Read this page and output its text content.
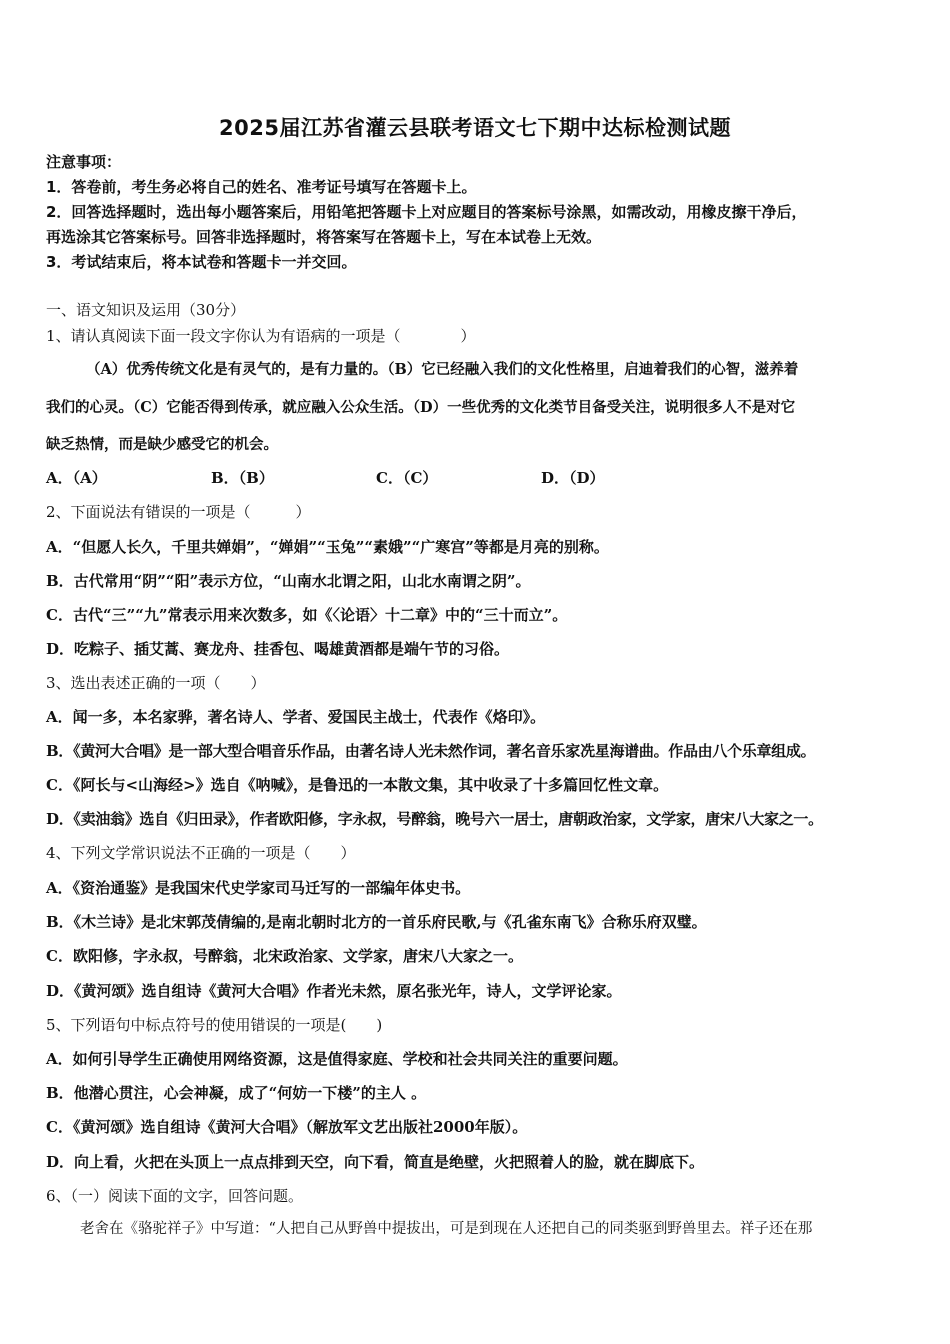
2025届江苏省灌云县联考语文七下期中达标检测试题
注意事项：
1．答卷前，考生务必将自己的姓名、准考证号填写在答题卡上。
2．回答选择题时，选出每小题答案后，用铅笔把答题卡上对应题目的答案标号涂黑，如需改动，用橡皮擦干净后，
再选涂其它答案标号。回答非选择题时，将答案写在答题卡上，写在本试卷上无效。
3．考试结束后，将本试卷和答题卡一并交回。
一、语文知识及运用（30分）
1、请认真阅读下面一段文字你认为有语病的一项是（　　　　）
（A）优秀传统文化是有灵气的，是有力量的。（B）它已经融入我们的文化性格里，启迪着我们的心智，滋养着
我们的心灵。（C）它能否得到传承，就应融入公众生活。（D）一些优秀的文化类节目备受关注，说明很多人不是对它
缺乏热情，而是缺少感受它的机会。
A．（A）	B．（B）	C．（C）	D．（D）
2、下面说法有错误的一项是（　　　）
A．“但愿人长久，千里共婵娟”，“婵娟”“玉兔”“素娥”“广寒宫”等都是月亮的别称。
B．古代常用“阴”“阳”表示方位，“山南水北谓之阳，山北水南谓之阴”。
C．古代“三”“九”常表示用来次数多，如《〈论语〉十二章》中的“三十而立”。
D．吃粽子、插艾蒿、赛龙舟、挂香包、喝雄黄酒都是端午节的习俗。
3、选出表述正确的一项（　　）
A．闻一多，本名家骅，著名诗人、学者、爱国民主战士，代表作《烙印》。
B．《黄河大合唱》是一部大型合唱音乐作品，由著名诗人光未然作词，著名音乐家冼星海谱曲。作品由八个乐章组成。
C．《阿长与<山海经>》选自《呐喊》，是鲁迅的一本散文集，其中收录了十多篇回忆性文章。
D．《卖油翁》选自《归田录》，作者欧阳修，字永叔，号醉翁，晚号六一居士，唐朝政治家，文学家，唐宋八大家之一。
4、下列文学常识说法不正确的一项是（　　）
A．《资治通鉴》是我国宋代史学家司马迁写的一部编年体史书。
B．《木兰诗》是北宋郭茂倩编的,是南北朝时北方的一首乐府民歌,与《孔雀东南飞》合称乐府双璧。
C．欧阳修，字永叔，号醉翁，北宋政治家、文学家，唐宋八大家之一。
D．《黄河颂》选自组诗《黄河大合唱》作者光未然，原名张光年，诗人，文学评论家。
5、下列语句中标点符号的使用错误的一项是(　　)
A．如何引导学生正确使用网络资源，这是值得家庭、学校和社会共同关注的重要问题。
B．他潜心贯注，心会神凝，成了“何妨一下楼”的主人 。
C．《黄河颂》选自组诗《黄河大合唱》（解放军文艺出版社2000年版）。
D．向上看，火把在头顶上一点点排到天空，向下看，简直是绝壁，火把照着人的脸，就在脚底下。
6、（一）阅读下面的文字，回答问题。
老舍在《骆驼祥子》中写道：“人把自己从野兽中提拔出，可是到现在人还把自己的同类驱到野兽里去。祥子还在那
